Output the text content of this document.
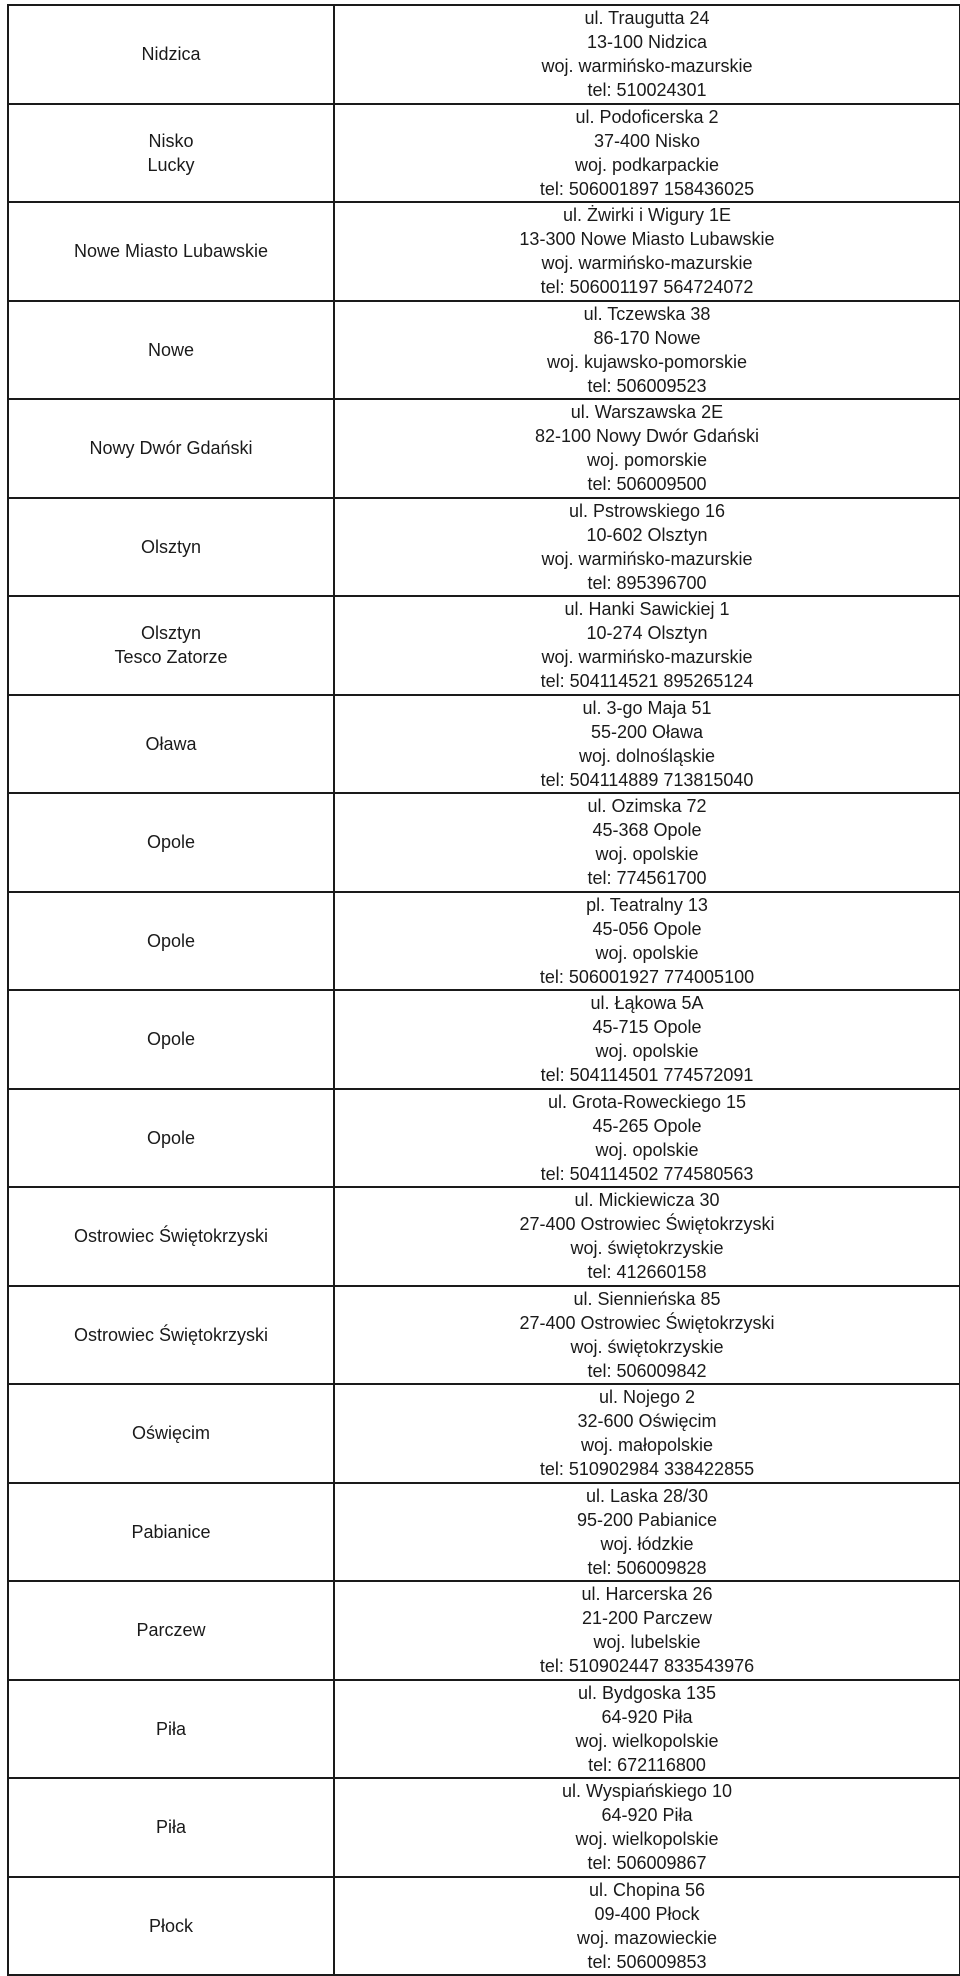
Nidzica	ul. Traugutta 24
13-100 Nidzica
woj. warmińsko-mazurskie
tel: 510024301

Nisko
Lucky	ul. Podoficerska 2
37-400 Nisko
woj. podkarpackie
tel: 506001897 158436025

Nowe Miasto Lubawskie	ul. Żwirki i Wigury 1E
13-300 Nowe Miasto Lubawskie
woj. warmińsko-mazurskie
tel: 506001197 564724072

Nowe	ul. Tczewska 38
86-170 Nowe
woj. kujawsko-pomorskie
tel: 506009523

Nowy Dwór Gdański	ul. Warszawska 2E
82-100 Nowy Dwór Gdański
woj. pomorskie
tel: 506009500

Olsztyn	ul. Pstrowskiego 16
10-602 Olsztyn
woj. warmińsko-mazurskie
tel: 895396700

Olsztyn
Tesco Zatorze	ul. Hanki Sawickiej 1
10-274 Olsztyn
woj. warmińsko-mazurskie
tel: 504114521 895265124

Oława	ul. 3-go Maja 51
55-200 Oława
woj. dolnośląskie
tel: 504114889 713815040

Opole	ul. Ozimska 72
45-368 Opole
woj. opolskie
tel: 774561700

Opole	pl. Teatralny 13
45-056 Opole
woj. opolskie
tel: 506001927 774005100

Opole	ul. Łąkowa 5A
45-715 Opole
woj. opolskie
tel: 504114501 774572091

Opole	ul. Grota-Roweckiego 15
45-265 Opole
woj. opolskie
tel: 504114502 774580563

Ostrowiec Świętokrzyski	ul. Mickiewicza 30
27-400 Ostrowiec Świętokrzyski
woj. świętokrzyskie
tel: 412660158

Ostrowiec Świętokrzyski	ul. Siennieńska 85
27-400 Ostrowiec Świętokrzyski
woj. świętokrzyskie
tel: 506009842

Oświęcim	ul. Nojego 2
32-600 Oświęcim
woj. małopolskie
tel: 510902984 338422855

Pabianice	ul. Laska 28/30
95-200 Pabianice
woj. łódzkie
tel: 506009828

Parczew	ul. Harcerska 26
21-200 Parczew
woj. lubelskie
tel: 510902447 833543976

Piła	ul. Bydgoska 135
64-920 Piła
woj. wielkopolskie
tel: 672116800

Piła	ul. Wyspiańskiego 10
64-920 Piła
woj. wielkopolskie
tel: 506009867

Płock	ul. Chopina 56
09-400 Płock
woj. mazowieckie
tel: 506009853
